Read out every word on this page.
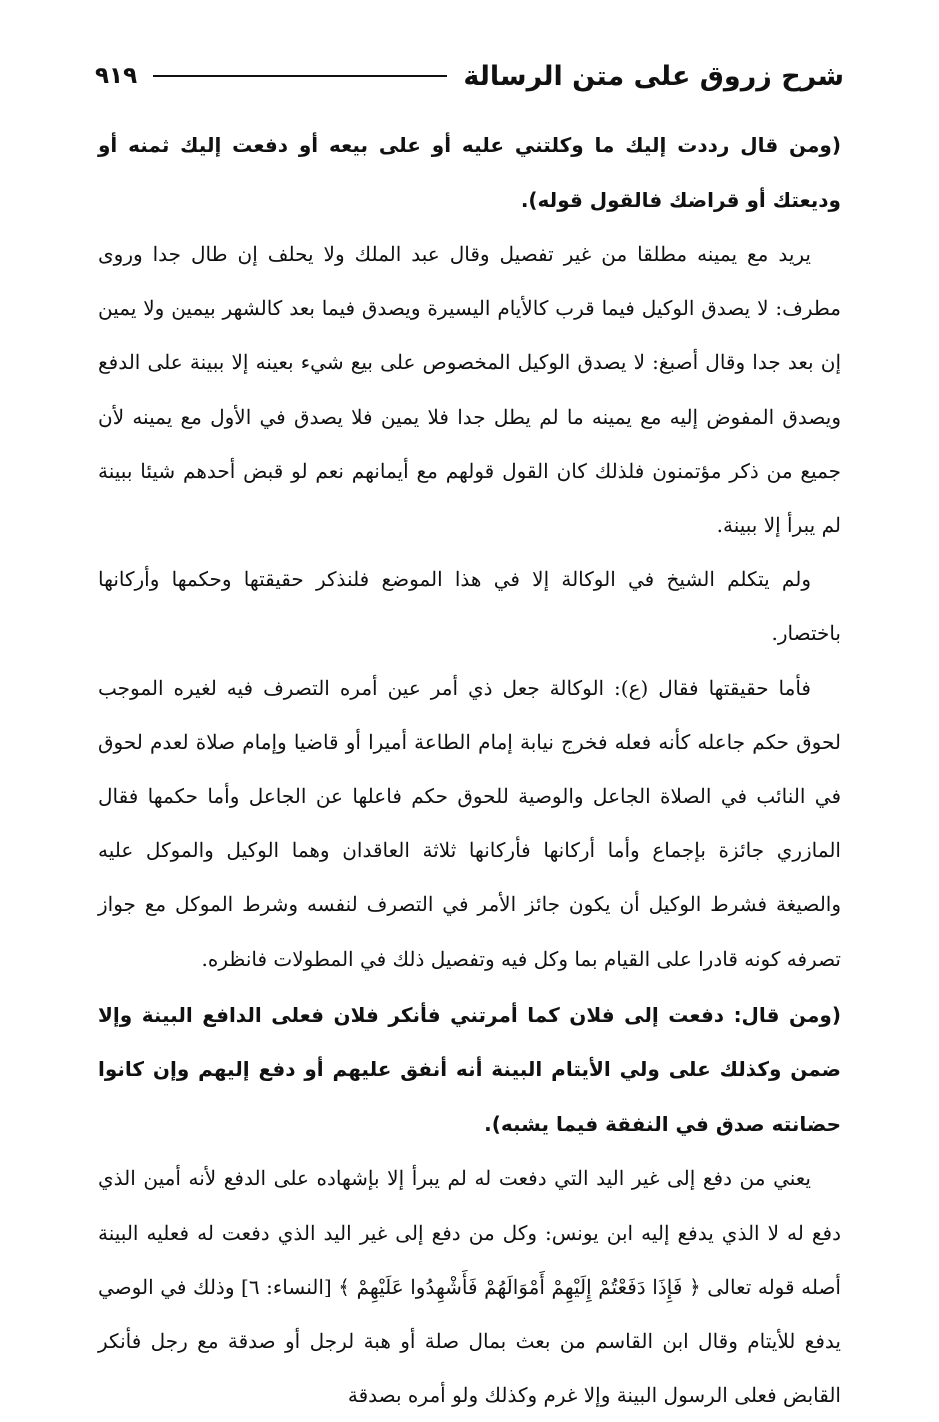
شرح زروق على متن الرسالة
٩١٩

(ومن قال رددت إليك ما وكلتني عليه أو على بيعه أو دفعت إليك ثمنه أو وديعتك أو قراضك فالقول قوله).

يريد مع يمينه مطلقا من غير تفصيل وقال عبد الملك ولا يحلف إن طال جدا وروى مطرف: لا يصدق الوكيل فيما قرب كالأيام اليسيرة ويصدق فيما بعد كالشهر بيمين ولا يمين إن بعد جدا وقال أصبغ: لا يصدق الوكيل المخصوص على بيع شيء بعينه إلا ببينة على الدفع ويصدق المفوض إليه مع يمينه ما لم يطل جدا فلا يمين فلا يصدق في الأول مع يمينه لأن جميع من ذكر مؤتمنون فلذلك كان القول قولهم مع أيمانهم نعم لو قبض أحدهم شيئا ببينة لم يبرأ إلا ببينة.

ولم يتكلم الشيخ في الوكالة إلا في هذا الموضع فلنذكر حقيقتها وحكمها وأركانها باختصار.

فأما حقيقتها فقال (ع): الوكالة جعل ذي أمر عين أمره التصرف فيه لغيره الموجب لحوق حكم جاعله كأنه فعله فخرج نيابة إمام الطاعة أميرا أو قاضيا وإمام صلاة لعدم لحوق في النائب في الصلاة الجاعل والوصية للحوق حكم فاعلها عن الجاعل وأما حكمها فقال المازري جائزة بإجماع وأما أركانها فأركانها ثلاثة العاقدان وهما الوكيل والموكل عليه والصيغة فشرط الوكيل أن يكون جائز الأمر في التصرف لنفسه وشرط الموكل مع جواز تصرفه كونه قادرا على القيام بما وكل فيه وتفصيل ذلك في المطولات فانظره.

(ومن قال: دفعت إلى فلان كما أمرتني فأنكر فلان فعلى الدافع البينة وإلا ضمن وكذلك على ولي الأيتام البينة أنه أنفق عليهم أو دفع إليهم وإن كانوا حضانته صدق في النفقة فيما يشبه).

يعني من دفع إلى غير اليد التي دفعت له لم يبرأ إلا بإشهاده على الدفع لأنه أمين الذي دفع له لا الذي يدفع إليه ابن يونس: وكل من دفع إلى غير اليد الذي دفعت له فعليه البينة أصله قوله تعالى ﴿ فَإِذَا دَفَعْتُمْ إِلَيْهِمْ أَمْوَالَهُمْ فَأَشْهِدُوا عَلَيْهِمْ ﴾ [النساء: ٦] وذلك في الوصي يدفع للأيتام وقال ابن القاسم من بعث بمال صلة أو هبة لرجل أو صدقة مع رجل فأنكر القابض فعلى الرسول البينة وإلا غرم وكذلك ولو أمره بصدقة
